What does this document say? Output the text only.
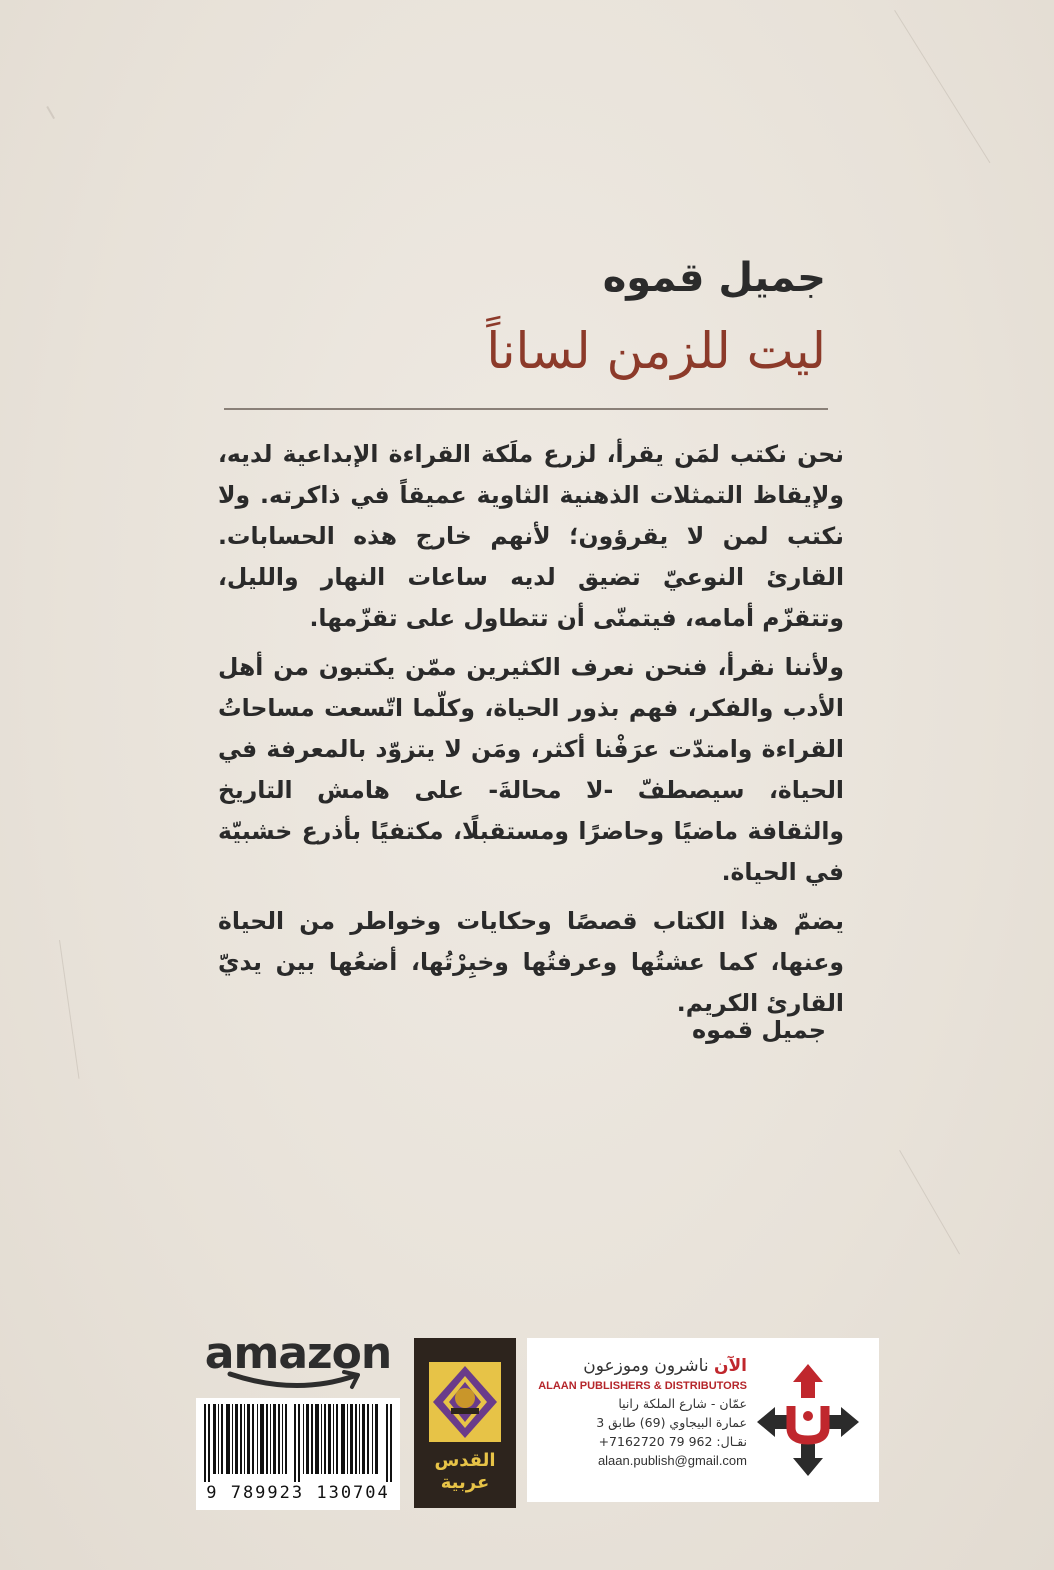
جميل قموه
ليت للزمن لساناً

نحن نكتب لمَن يقرأ، لزرع ملَكة القراءة الإبداعية لديه، ولإيقاظ التمثلات الذهنية الثاوية عميقاً في ذاكرته. ولا نكتب لمن لا يقرؤون؛ لأنهم خارج هذه الحسابات. القارئ النوعيّ تضيق لديه ساعات النهار والليل، وتتقزّم أمامه، فيتمنّى أن تتطاول على تقزّمها.

ولأننا نقرأ، فنحن نعرف الكثيرين ممّن يكتبون من أهل الأدب والفكر، فهم بذور الحياة، وكلّما اتّسعت مساحاتُ القراءة وامتدّت عرَفْنا أكثر، ومَن لا يتزوّد بالمعرفة في الحياة، سيصطفّ -لا محالةَ- على هامش التاريخ والثقافة ماضيًا وحاضرًا ومستقبلًا، مكتفيًا بأذرع خشبيّة في الحياة.

يضمّ هذا الكتاب قصصًا وحكايات وخواطر من الحياة وعنها، كما عشتُها وعرفتُها وخبِرْتُها، أضعُها بين يديّ القارئ الكريم.

جميل قموه
amazon
9 789923 130704
القدس
عربية
الآن ناشرون وموزعون
ALAAN PUBLISHERS & DISTRIBUTORS
عمّان - شارع الملكة رانيا
عمارة البيجاوي (69) طابق 3
نقـال: 962 79 7162720+
alaan.publish@gmail.com
